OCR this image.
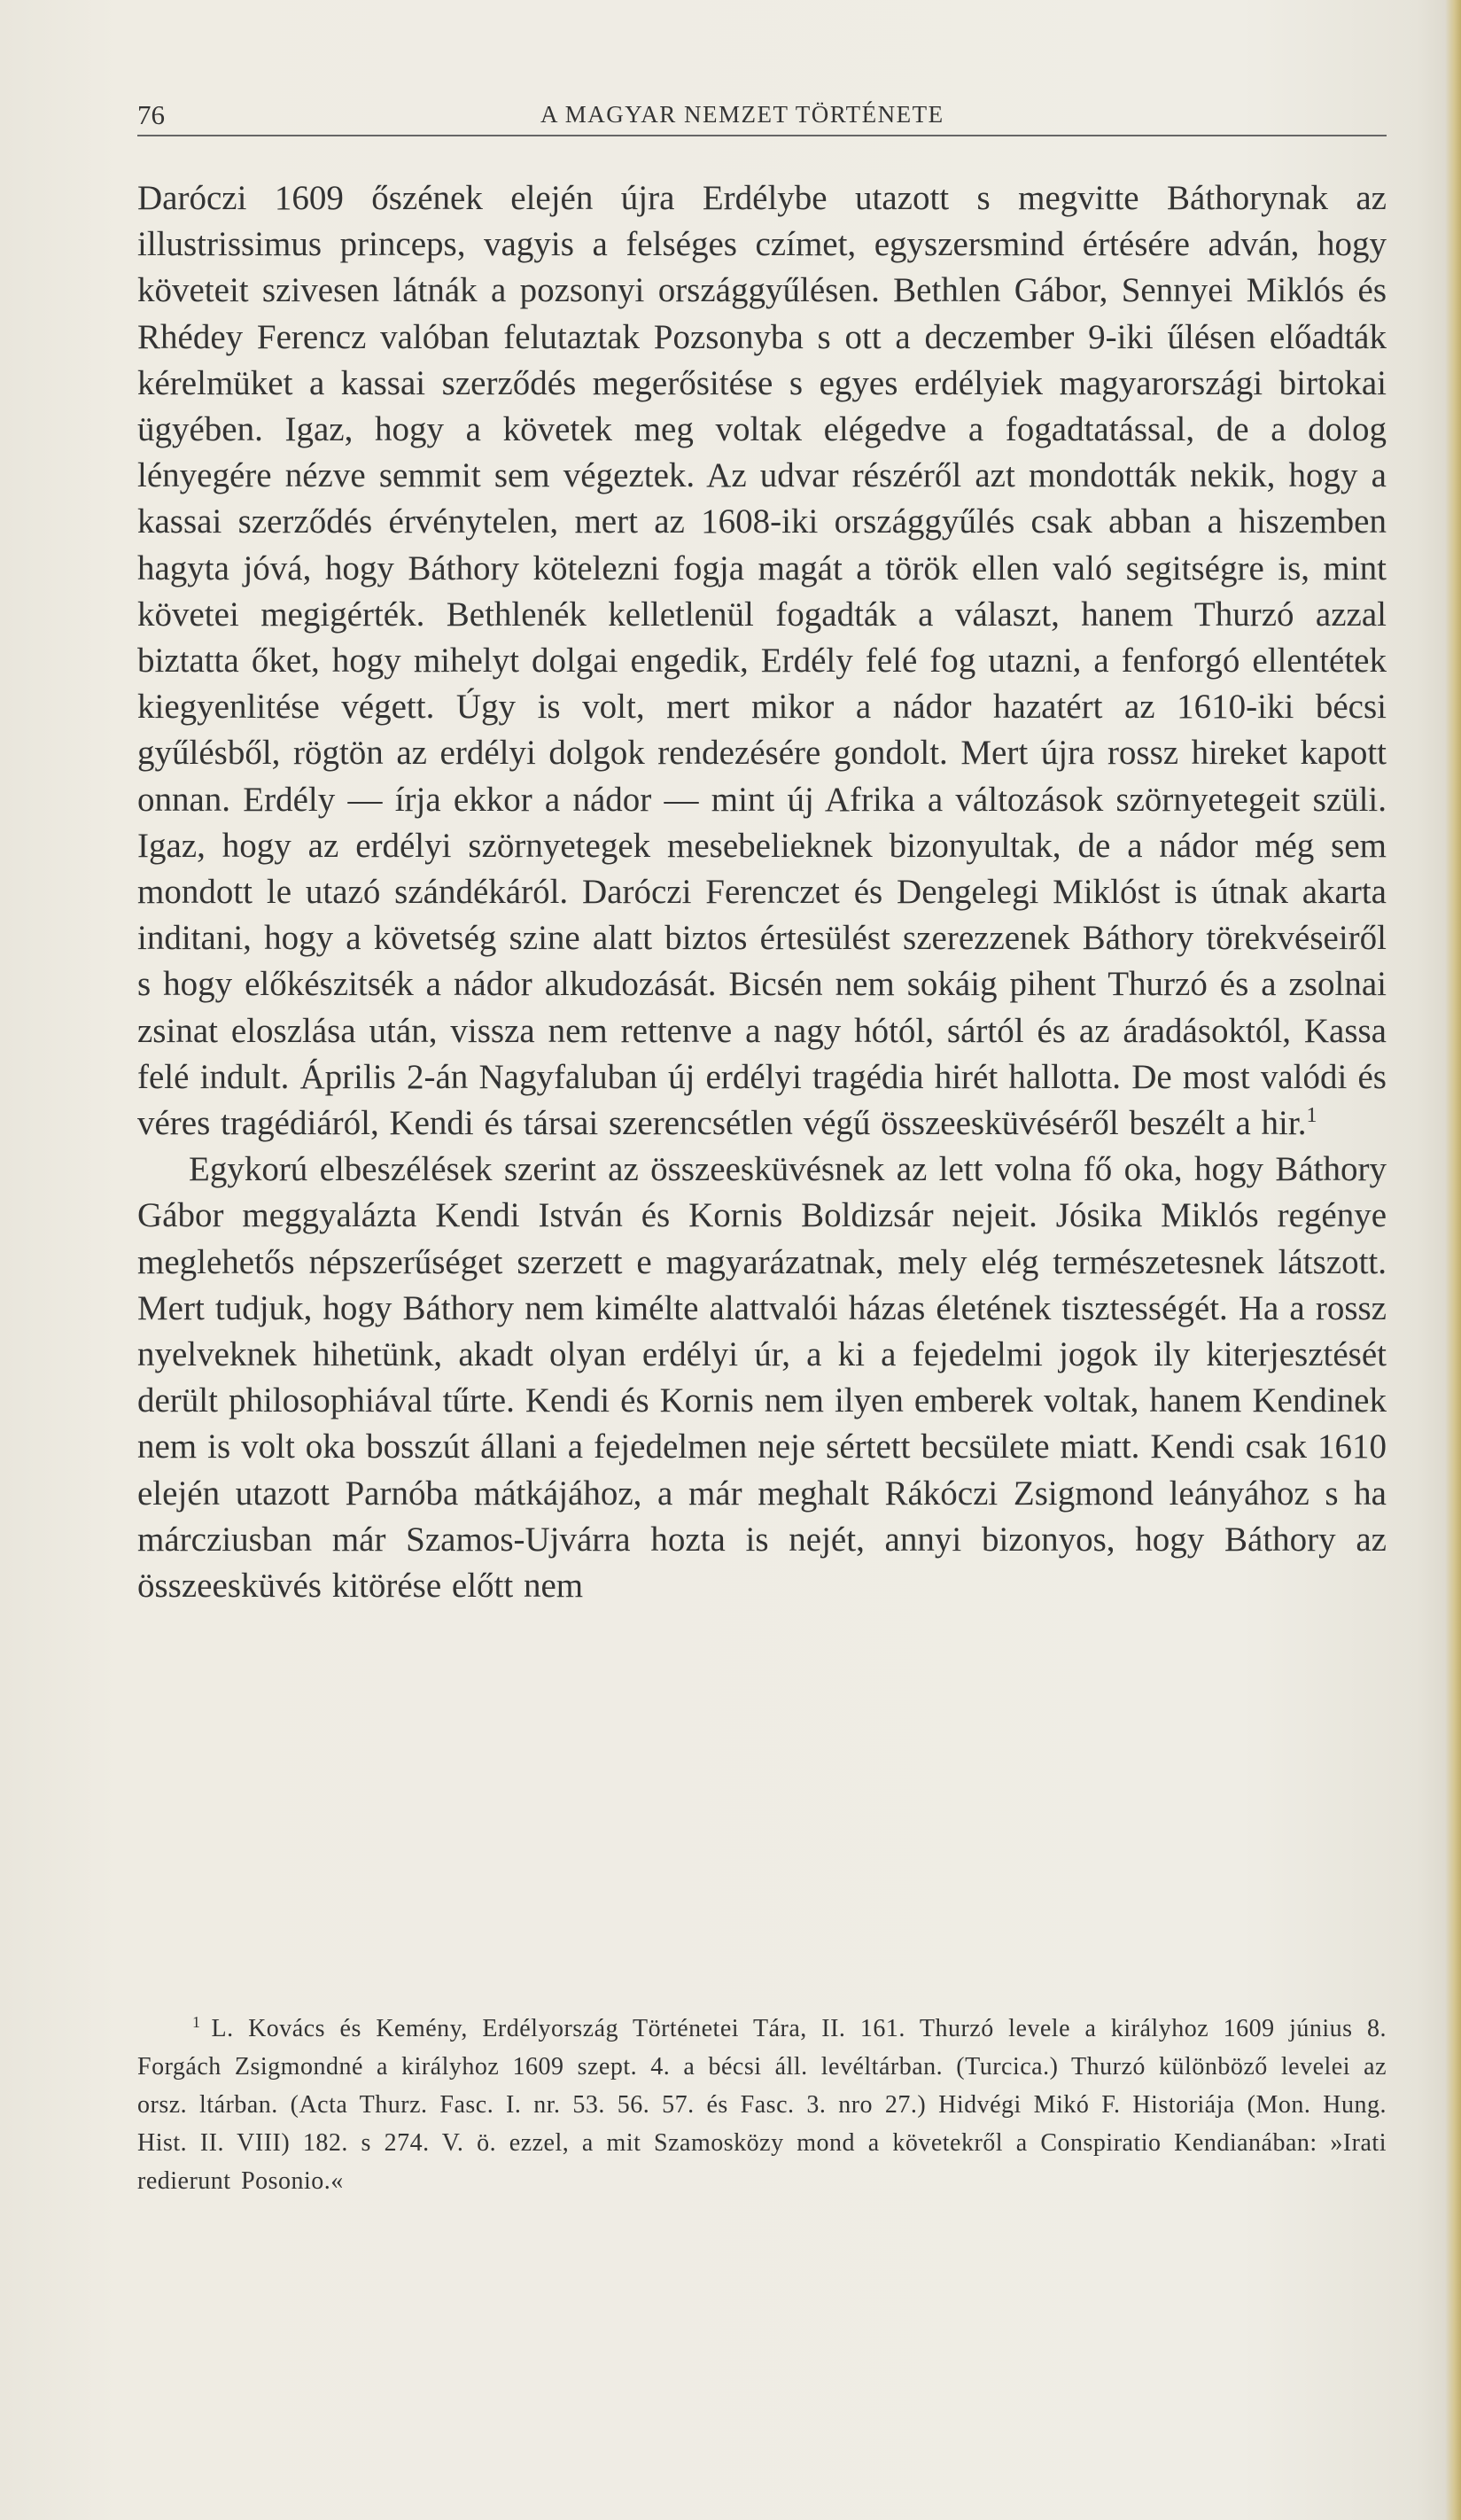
76	A MAGYAR NEMZET TÖRTÉNETE

Daróczi 1609 őszének elején újra Erdélybe utazott s megvitte Báthorynak az illustrissimus princeps, vagyis a felséges czímet, egyszersmind értésére adván, hogy követeit szivesen látnák a pozsonyi országgyűlésen. Bethlen Gábor, Sennyei Miklós és Rhédey Ferencz valóban felutaztak Pozsonyba s ott a deczember 9-iki űlésen előadták kérelmüket a kassai szerződés megerősitése s egyes erdélyiek magyarországi birtokai ügyében. Igaz, hogy a követek meg voltak elégedve a fogadtatással, de a dolog lényegére nézve semmit sem végeztek. Az udvar részéről azt mondották nekik, hogy a kassai szerződés érvénytelen, mert az 1608-iki országgyűlés csak abban a hiszemben hagyta jóvá, hogy Báthory kötelezni fogja magát a török ellen való segitségre is, mint követei megigérték. Bethlenék kelletlenül fogadták a választ, hanem Thurzó azzal biztatta őket, hogy mihelyt dolgai engedik, Erdély felé fog utazni, a fenforgó ellentétek kiegyenlitése végett. Úgy is volt, mert mikor a nádor hazatért az 1610-iki bécsi gyűlésből, rögtön az erdélyi dolgok rendezésére gondolt. Mert újra rossz hireket kapott onnan. Erdély — írja ekkor a nádor — mint új Afrika a változások szörnyetegeit szüli. Igaz, hogy az erdélyi szörnyetegek mesebelieknek bizonyultak, de a nádor még sem mondott le utazó szándékáról. Daróczi Ferenczet és Dengelegi Miklóst is útnak akarta inditani, hogy a követség szine alatt biztos értesülést szerezzenek Báthory törekvéseiről s hogy előkészitsék a nádor alkudozását. Bicsén nem sokáig pihent Thurzó és a zsolnai zsinat eloszlása után, vissza nem rettenve a nagy hótól, sártól és az áradásoktól, Kassa felé indult. Április 2-án Nagyfaluban új erdélyi tragédia hirét hallotta. De most valódi és véres tragédiáról, Kendi és társai szerencsétlen végű összeesküvéséről beszélt a hir.$^1$

Egykorú elbeszélések szerint az összeesküvésnek az lett volna fő oka, hogy Báthory Gábor meggyalázta Kendi István és Kornis Boldizsár nejeit. Jósika Miklós regénye meglehetős népszerűséget szerzett e magyarázatnak, mely elég természetesnek látszott. Mert tudjuk, hogy Báthory nem kimélte alattvalói házas életének tisztességét. Ha a rossz nyelveknek hihetünk, akadt olyan erdélyi úr, a ki a fejedelmi jogok ily kiterjesztését derült philosophiával tűrte. Kendi és Kornis nem ilyen emberek voltak, hanem Kendinek nem is volt oka bosszút állani a fejedelmen neje sértett becsülete miatt. Kendi csak 1610 elején utazott Parnóba mátkájához, a már meghalt Rákóczi Zsigmond leányához s ha márcziusban már Szamos-Ujvárra hozta is nejét, annyi bizonyos, hogy Báthory az összeesküvés kitörése előtt nem

$^1$ L. Kovács és Kemény, Erdélyország Történetei Tára, II. 161. Thurzó levele a királyhoz 1609 június 8. Forgách Zsigmondné a királyhoz 1609 szept. 4. a bécsi áll. levéltárban. (Turcica.) Thurzó különböző levelei az orsz. ltárban. (Acta Thurz. Fasc. I. nr. 53. 56. 57. és Fasc. 3. nro 27.) Hidvégi Mikó F. Historiája (Mon. Hung. Hist. II. VIII) 182. s 274. V. ö. ezzel, a mit Szamosközy mond a követekről a Conspiratio Kendianában: »Irati redierunt Posonio.«
